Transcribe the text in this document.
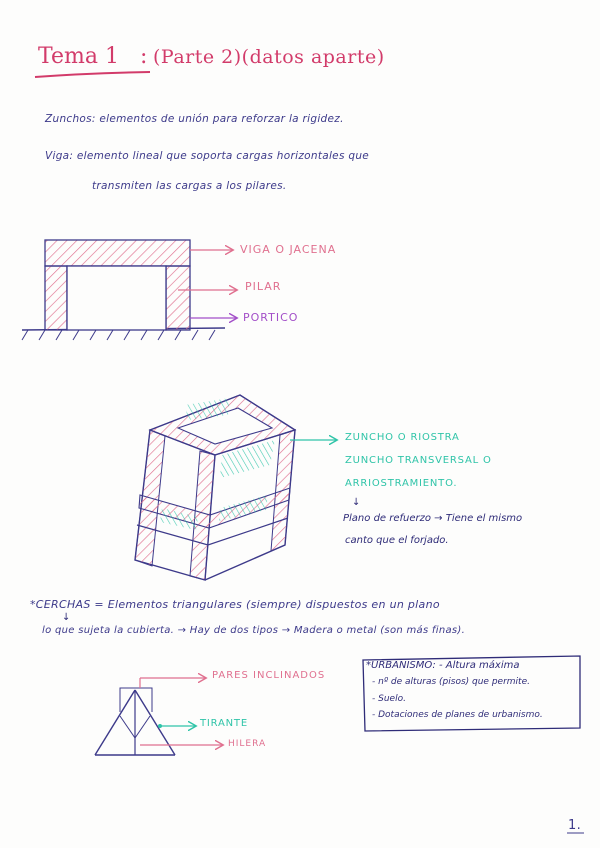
Tema 1 : (Parte 2)(datos aparte)
Zunchos: elementos de unión para reforzar la rigidez.
Viga: elemento lineal que soporta cargas horizontales que
transmiten las cargas a los pilares.
VIGA O JACENA
PILAR
PORTICO
ZUNCHO O RIOSTRA
ZUNCHO TRANSVERSAL O
ARRIOSTRAMIENTO.
↓
Plano de refuerzo → Tiene el mismo
canto que el forjado.
*CERCHAS = Elementos triangulares (siempre) dispuestos en un plano
↓
lo que sujeta la cubierta. → Hay de dos tipos → Madera o metal (son más finas).
PARES INCLINADOS
TIRANTE
HILERA
*URBANISMO: - Altura máxima
- nº de alturas (pisos) que permite.
- Suelo.
- Dotaciones de planes de urbanismo.
1.
